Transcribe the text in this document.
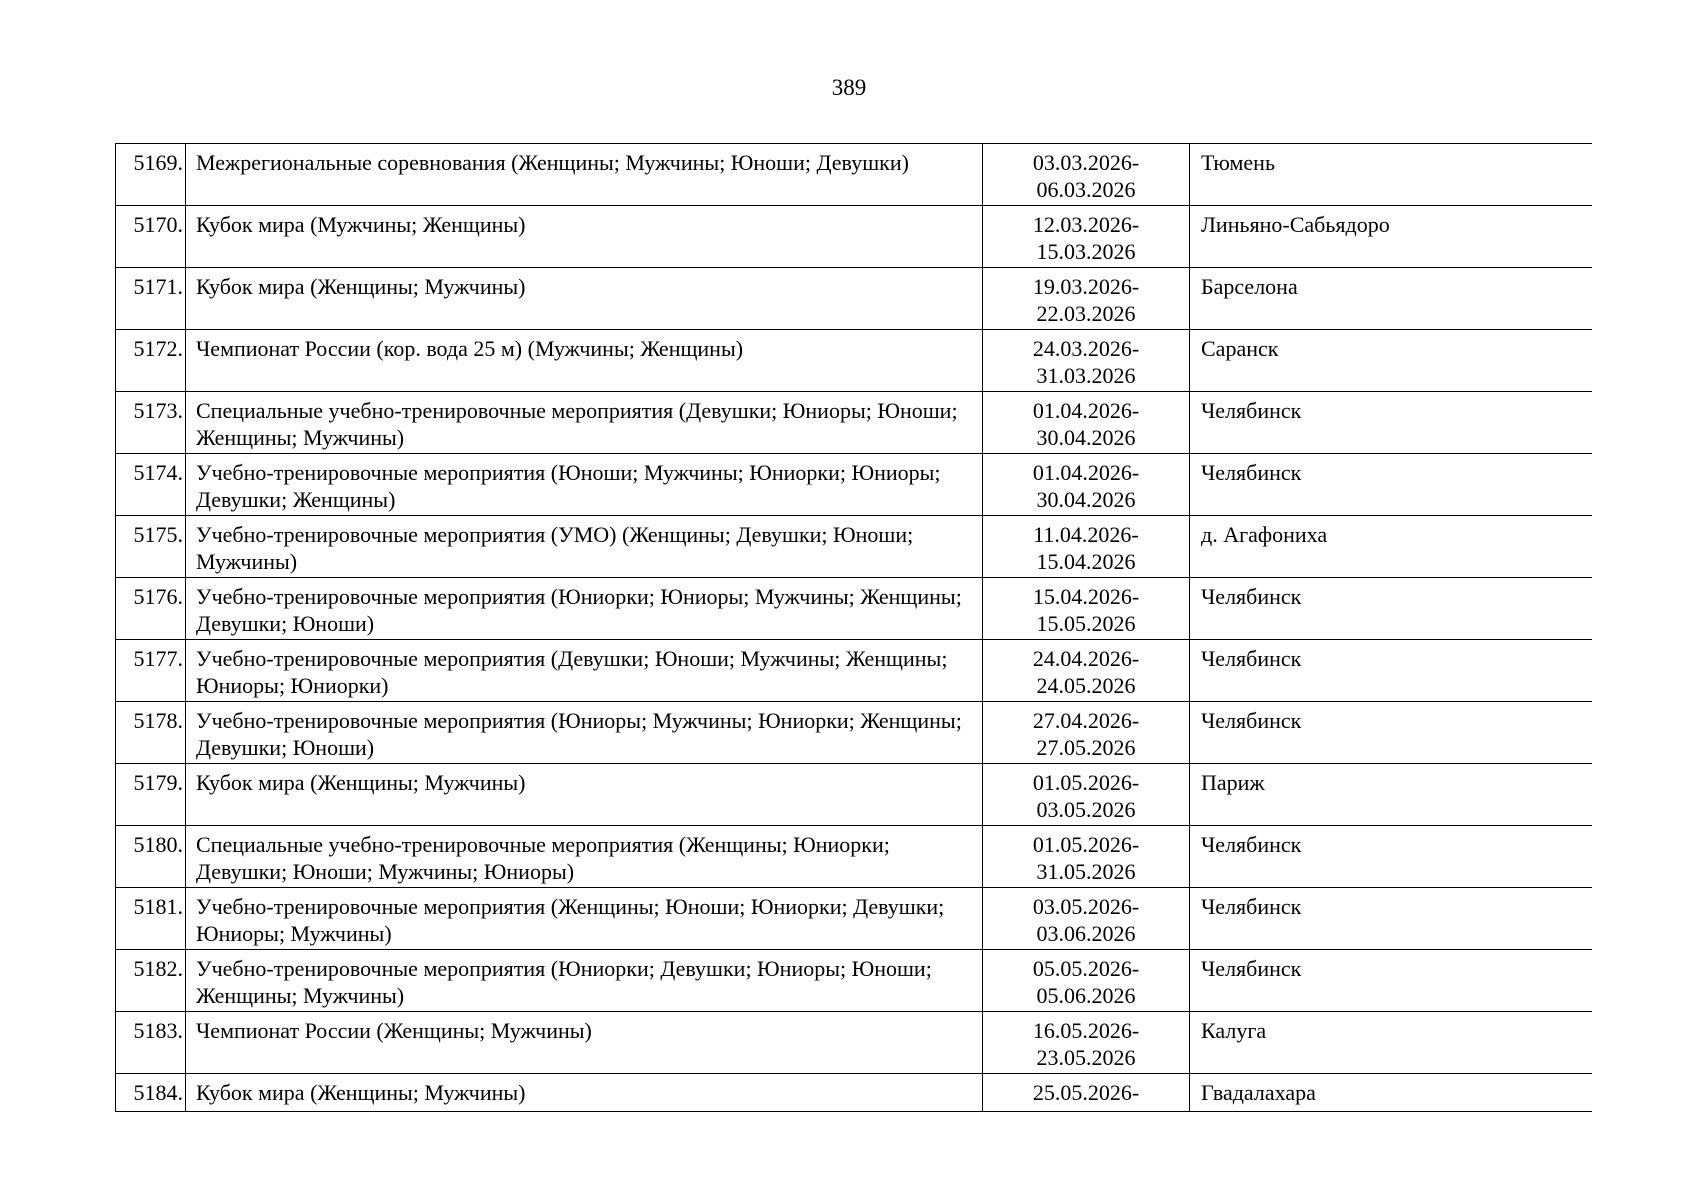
389
5169.	Межрегиональные соревнования (Женщины; Мужчины; Юноши; Девушки)	03.03.2026-
06.03.2026	Тюмень
5170.	Кубок мира (Мужчины; Женщины)	12.03.2026-
15.03.2026	Линьяно-Сабьядоро
5171.	Кубок мира (Женщины; Мужчины)	19.03.2026-
22.03.2026	Барселона
5172.	Чемпионат России (кор. вода 25 м) (Мужчины; Женщины)	24.03.2026-
31.03.2026	Саранск
5173.	Специальные учебно-тренировочные мероприятия (Девушки; Юниоры; Юноши; Женщины; Мужчины)	01.04.2026-
30.04.2026	Челябинск
5174.	Учебно-тренировочные мероприятия (Юноши; Мужчины; Юниорки; Юниоры; Девушки; Женщины)	01.04.2026-
30.04.2026	Челябинск
5175.	Учебно-тренировочные мероприятия (УМО) (Женщины; Девушки; Юноши; Мужчины)	11.04.2026-
15.04.2026	д. Агафониха
5176.	Учебно-тренировочные мероприятия (Юниорки; Юниоры; Мужчины; Женщины; Девушки; Юноши)	15.04.2026-
15.05.2026	Челябинск
5177.	Учебно-тренировочные мероприятия (Девушки; Юноши; Мужчины; Женщины; Юниоры; Юниорки)	24.04.2026-
24.05.2026	Челябинск
5178.	Учебно-тренировочные мероприятия (Юниоры; Мужчины; Юниорки; Женщины; Девушки; Юноши)	27.04.2026-
27.05.2026	Челябинск
5179.	Кубок мира (Женщины; Мужчины)	01.05.2026-
03.05.2026	Париж
5180.	Специальные учебно-тренировочные мероприятия (Женщины; Юниорки; Девушки; Юноши; Мужчины; Юниоры)	01.05.2026-
31.05.2026	Челябинск
5181.	Учебно-тренировочные мероприятия (Женщины; Юноши; Юниорки; Девушки; Юниоры; Мужчины)	03.05.2026-
03.06.2026	Челябинск
5182.	Учебно-тренировочные мероприятия (Юниорки; Девушки; Юниоры; Юноши; Женщины; Мужчины)	05.05.2026-
05.06.2026	Челябинск
5183.	Чемпионат России (Женщины; Мужчины)	16.05.2026-
23.05.2026	Калуга
5184.	Кубок мира (Женщины; Мужчины)	25.05.2026-	Гвадалахара
